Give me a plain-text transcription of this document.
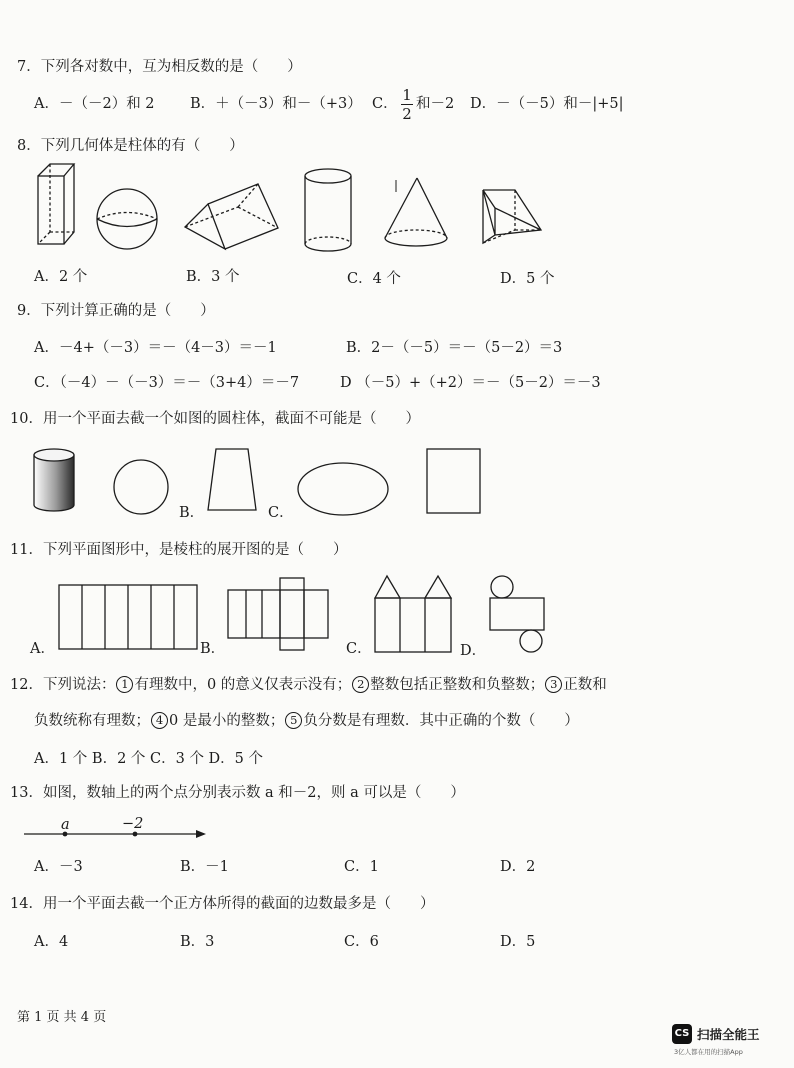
7．下列各对数中，互为相反数的是（　　）
A．－（－2）和 2 B．＋（－3）和－（+3） C． 1
2
和－2 D．－（－5）和－|+5|
8．下列几何体是柱体的有（　　）
A．2 个	B．3 个	C．4 个	D．5 个
9．下列计算正确的是（　　）
A．－4+（－3）＝－（4－3）＝－1	B．2－（－5）＝－（5－2）＝3
C．（－4）－（－3）＝－（3+4）＝－7	D （－5）+（+2）＝－（5－2）＝－3
10．用一个平面去截一个如图的圆柱体，截面不可能是（　　）
B．	C．
11．下列平面图形中，是棱柱的展开图的是（　　）
A．	B．	C．	D．
12．下列说法： 1 有理数中，0 的意义仅表示没有； 2 整数包括正整数和负整数； 3 正数和
负数统称有理数； 4 0 是最小的整数； 5 负分数是有理数．其中正确的个数（　　）
A．1 个 B．2 个 C．3 个 D．5 个
13．如图，数轴上的两个点分别表示数 a 和－2，则 a 可以是（　　）
a	−2
A．－3	B．－1	C．1	D．2
14．用一个平面去截一个正方体所得的截面的边数最多是（　　）
A．4	B．3	C．6	D．5
第 1 页 共 4 页
CS 扫描全能王
3亿人都在用的扫描App
